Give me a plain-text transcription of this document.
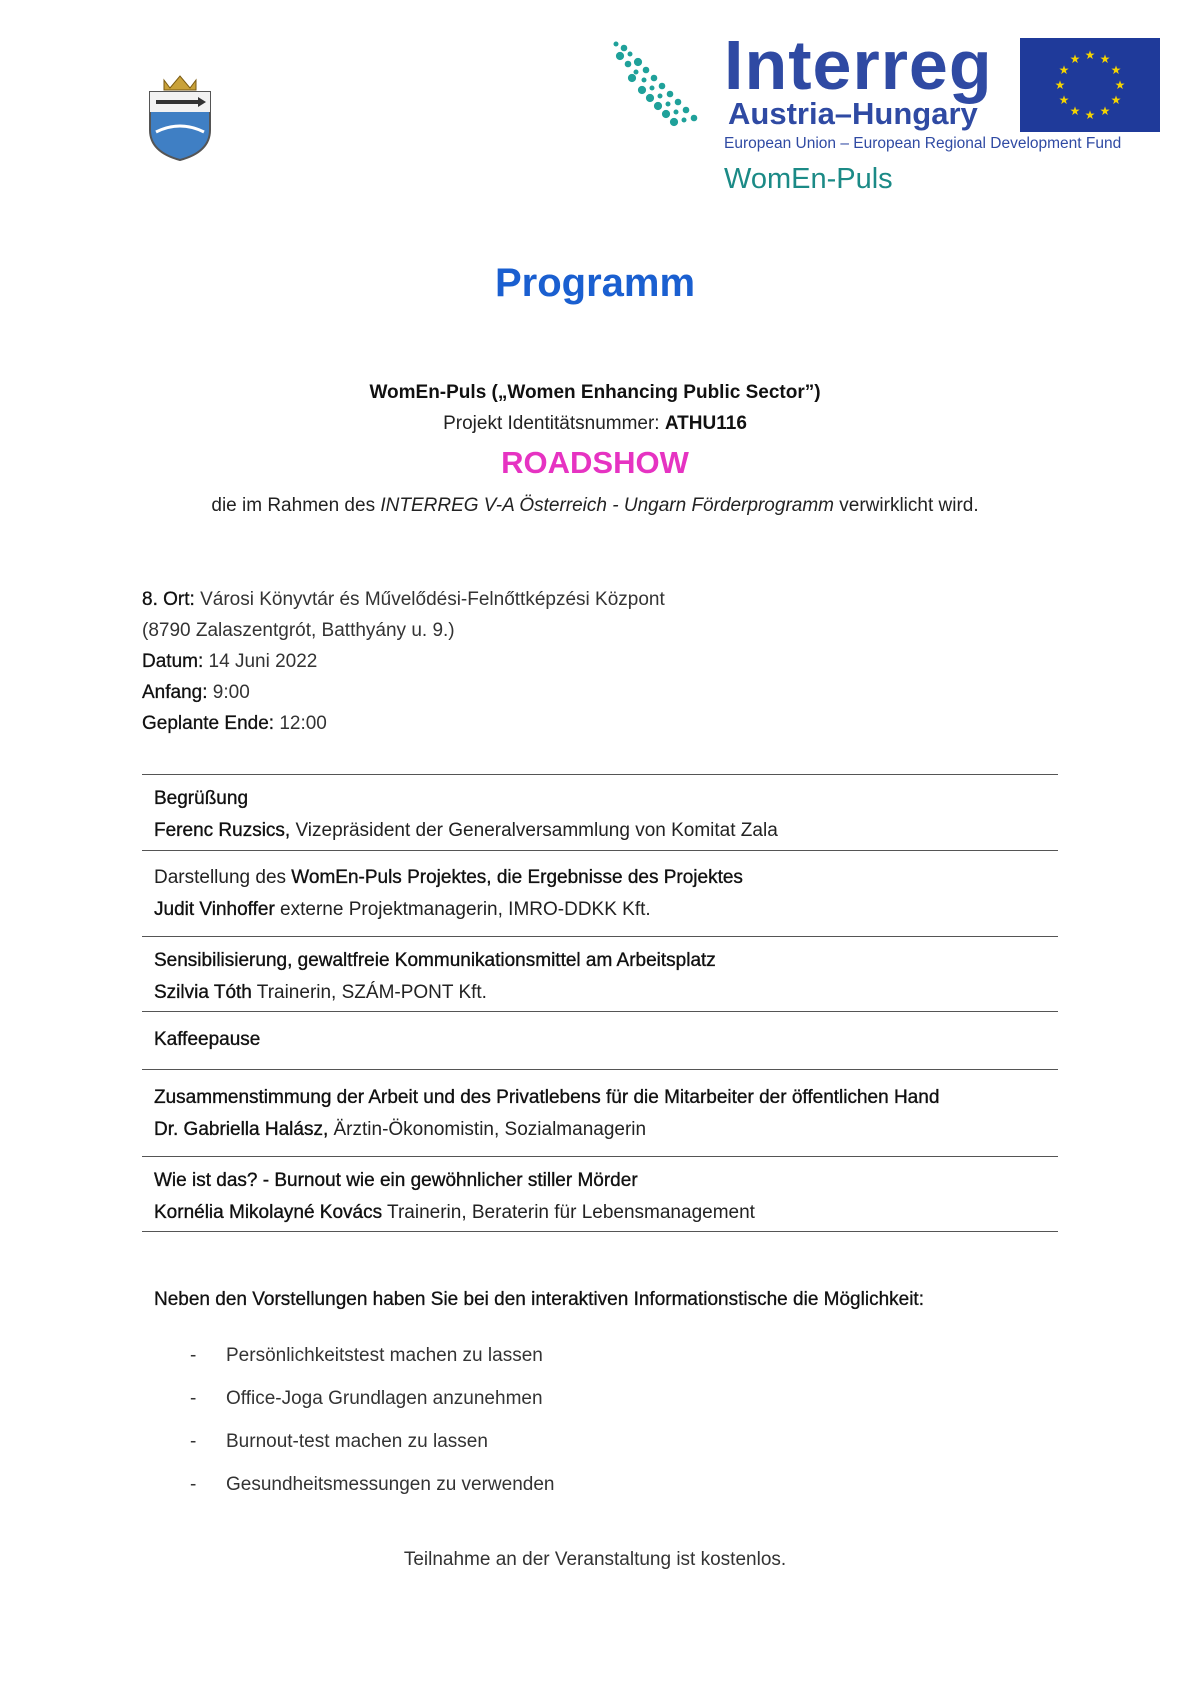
Interreg
Austria–Hungary
European Union – European Regional Development Fund
WomEn-Puls
★ ★
★
★
★
★
★
★
★
★
★
★
Programm
WomEn-Puls („Women Enhancing Public Sector”)
Projekt Identitätsnummer: ATHU116
ROADSHOW
die im Rahmen des INTERREG V-A Österreich - Ungarn Förderprogramm verwirklicht wird.
8. Ort: Városi Könyvtár és Művelődési-Felnőttképzési Központ
(8790 Zalaszentgrót, Batthyány u. 9.)
Datum: 14 Juni 2022
Anfang: 9:00
Geplante Ende: 12:00
Begrüßung
Ferenc Ruzsics, Vizepräsident der Generalversammlung von Komitat Zala
Darstellung des WomEn-Puls Projektes, die Ergebnisse des Projektes
Judit Vinhoffer externe Projektmanagerin, IMRO-DDKK Kft.
Sensibilisierung, gewaltfreie Kommunikationsmittel am Arbeitsplatz
Szilvia Tóth Trainerin, SZÁM-PONT Kft.
Kaffeepause
Zusammenstimmung der Arbeit und des Privatlebens für die Mitarbeiter der öffentlichen Hand
Dr. Gabriella Halász, Ärztin-Ökonomistin, Sozialmanagerin
Wie ist das? - Burnout wie ein gewöhnlicher stiller Mörder
Kornélia Mikolayné Kovács Trainerin, Beraterin für Lebensmanagement
Neben den Vorstellungen haben Sie bei den interaktiven Informationstische die Möglichkeit:
- Persönlichkeitstest machen zu lassen
- Office-Joga Grundlagen anzunehmen
- Burnout-test machen zu lassen
- Gesundheitsmessungen zu verwenden
Teilnahme an der Veranstaltung ist kostenlos.
